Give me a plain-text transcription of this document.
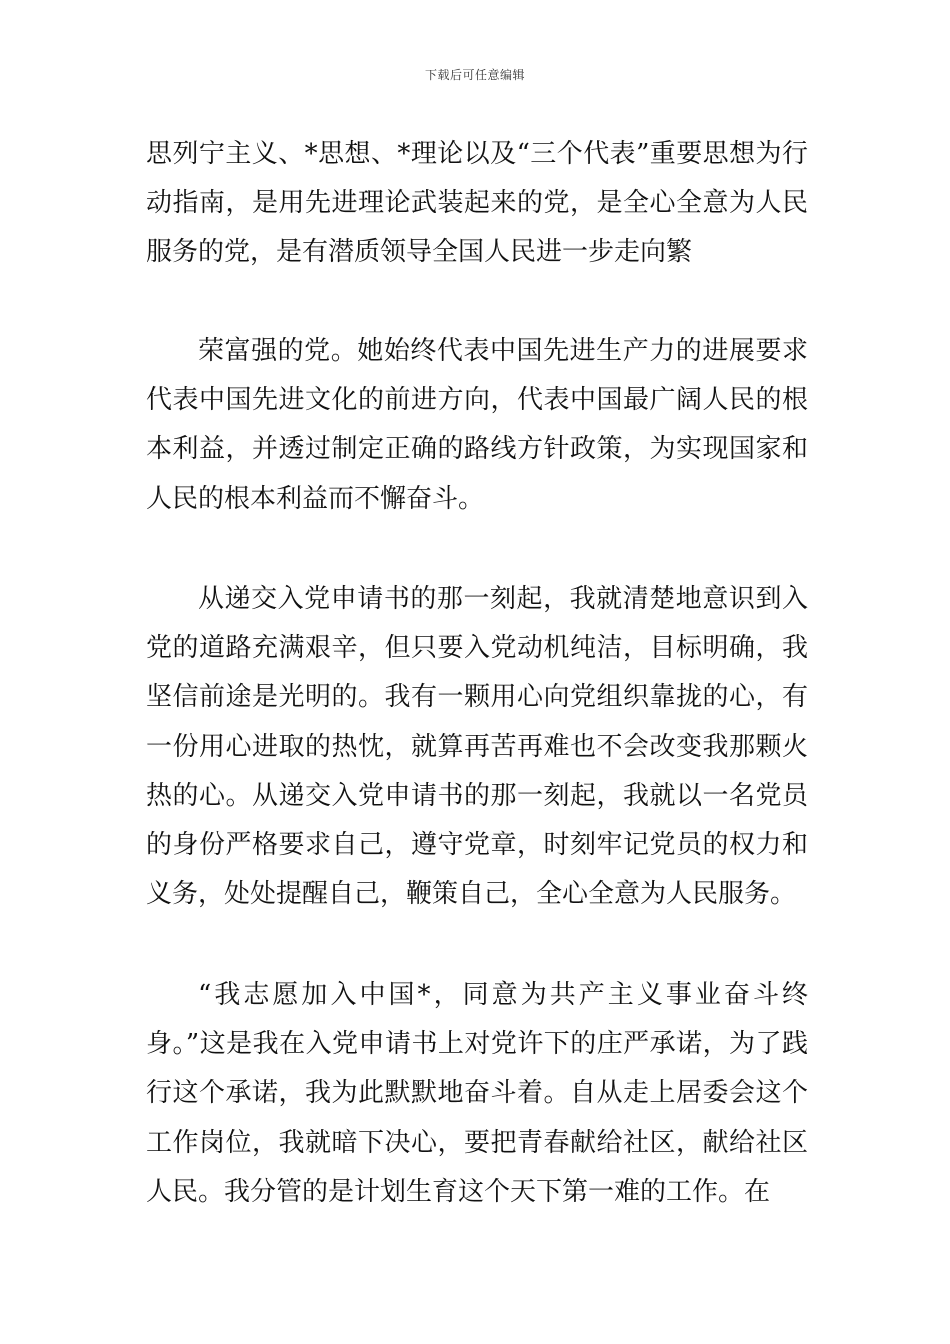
下载后可任意编辑

思列宁主义、*思想、*理论以及“三个代表”重要思想为行动指南，是用先进理论武装起来的党，是全心全意为人民服务的党，是有潜质领导全国人民进一步走向繁

荣富强的党。她始终代表中国先进生产力的进展要求代表中国先进文化的前进方向，代表中国最广阔人民的根本利益，并透过制定正确的路线方针政策，为实现国家和人民的根本利益而不懈奋斗。

从递交入党申请书的那一刻起，我就清楚地意识到入党的道路充满艰辛，但只要入党动机纯洁，目标明确，我坚信前途是光明的。我有一颗用心向党组织靠拢的心，有一份用心进取的热忱，就算再苦再难也不会改变我那颗火热的心。从递交入党申请书的那一刻起，我就以一名党员的身份严格要求自己，遵守党章，时刻牢记党员的权力和义务，处处提醒自己，鞭策自己，全心全意为人民服务。

“我志愿加入中国*，同意为共产主义事业奋斗终身。”这是我在入党申请书上对党许下的庄严承诺，为了践行这个承诺，我为此默默地奋斗着。自从走上居委会这个工作岗位，我就暗下决心，要把青春献给社区，献给社区人民。我分管的是计划生育这个天下第一难的工作。在
